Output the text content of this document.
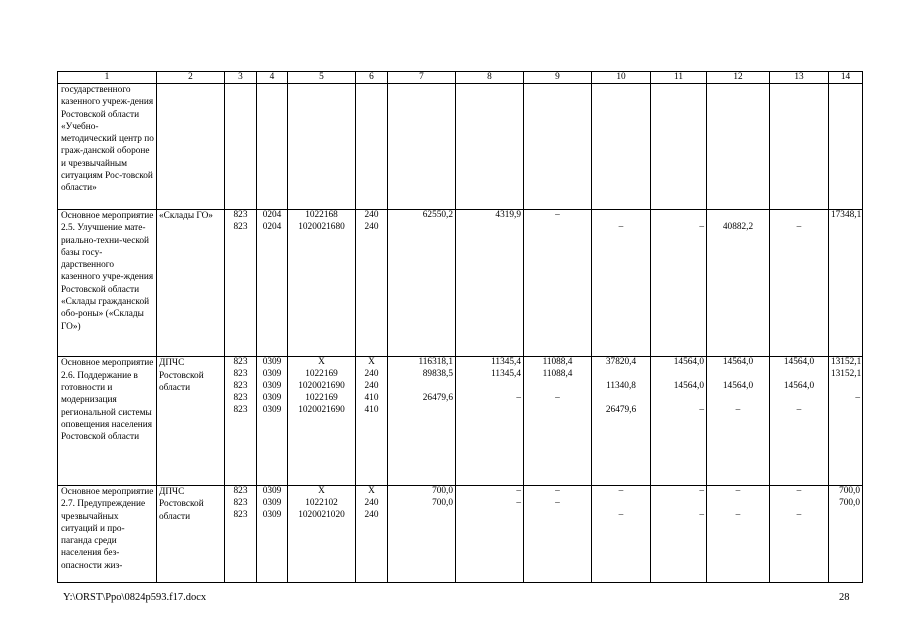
1	2	3	4	5	6	7	8	9	10	11	12	13	14
государственного казенного учреж-дения Ростовской области «Учебно-методический центр по граж-данской обороне и чрезвычайным ситуациям Рос-товской области»													
Основное мероприятие 2.5. Улучшение мате-риально-техни-ческой базы госу-дарственного казенного учре-ждения Ростовской области «Склады гражданской обо-роны» («Склады ГО»)	«Склады ГО»	823	0204	1022168	240	62550,2	4319,9	–					17348,1
		823	0204	1020021680	240				–	–	40882,2	–	
Основное мероприятие 2.6. Поддержание в готовности и модернизация региональной системы оповещения населения Ростовской области	ДПЧС Ростовской области	823	0309	Х	Х	116318,1	11345,4	11088,4	37820,4	14564,0	14564,0	14564,0	13152,1
		823	0309	1022169	240	89838,5	11345,4	11088,4					13152,1
		823	0309	1020021690	240				11340,8	14564,0	14564,0	14564,0	
		823	0309	1022169	410	26479,6	–	–					–
		823	0309	1020021690	410				26479,6	–	–	–	
Основное мероприятие 2.7. Предупреждение чрезвычайных ситуаций и про-паганда среди населения без-опасности жиз-	ДПЧС Ростовской области	823	0309	Х	Х	700,0	–	–	–	–	–	–	700,0
		823	0309	1022102	240	700,0	–	–					700,0
		823	0309	1020021020	240				–	–	–	–	
Y:\ORST\Ppo\0824p593.f17.docx	28
